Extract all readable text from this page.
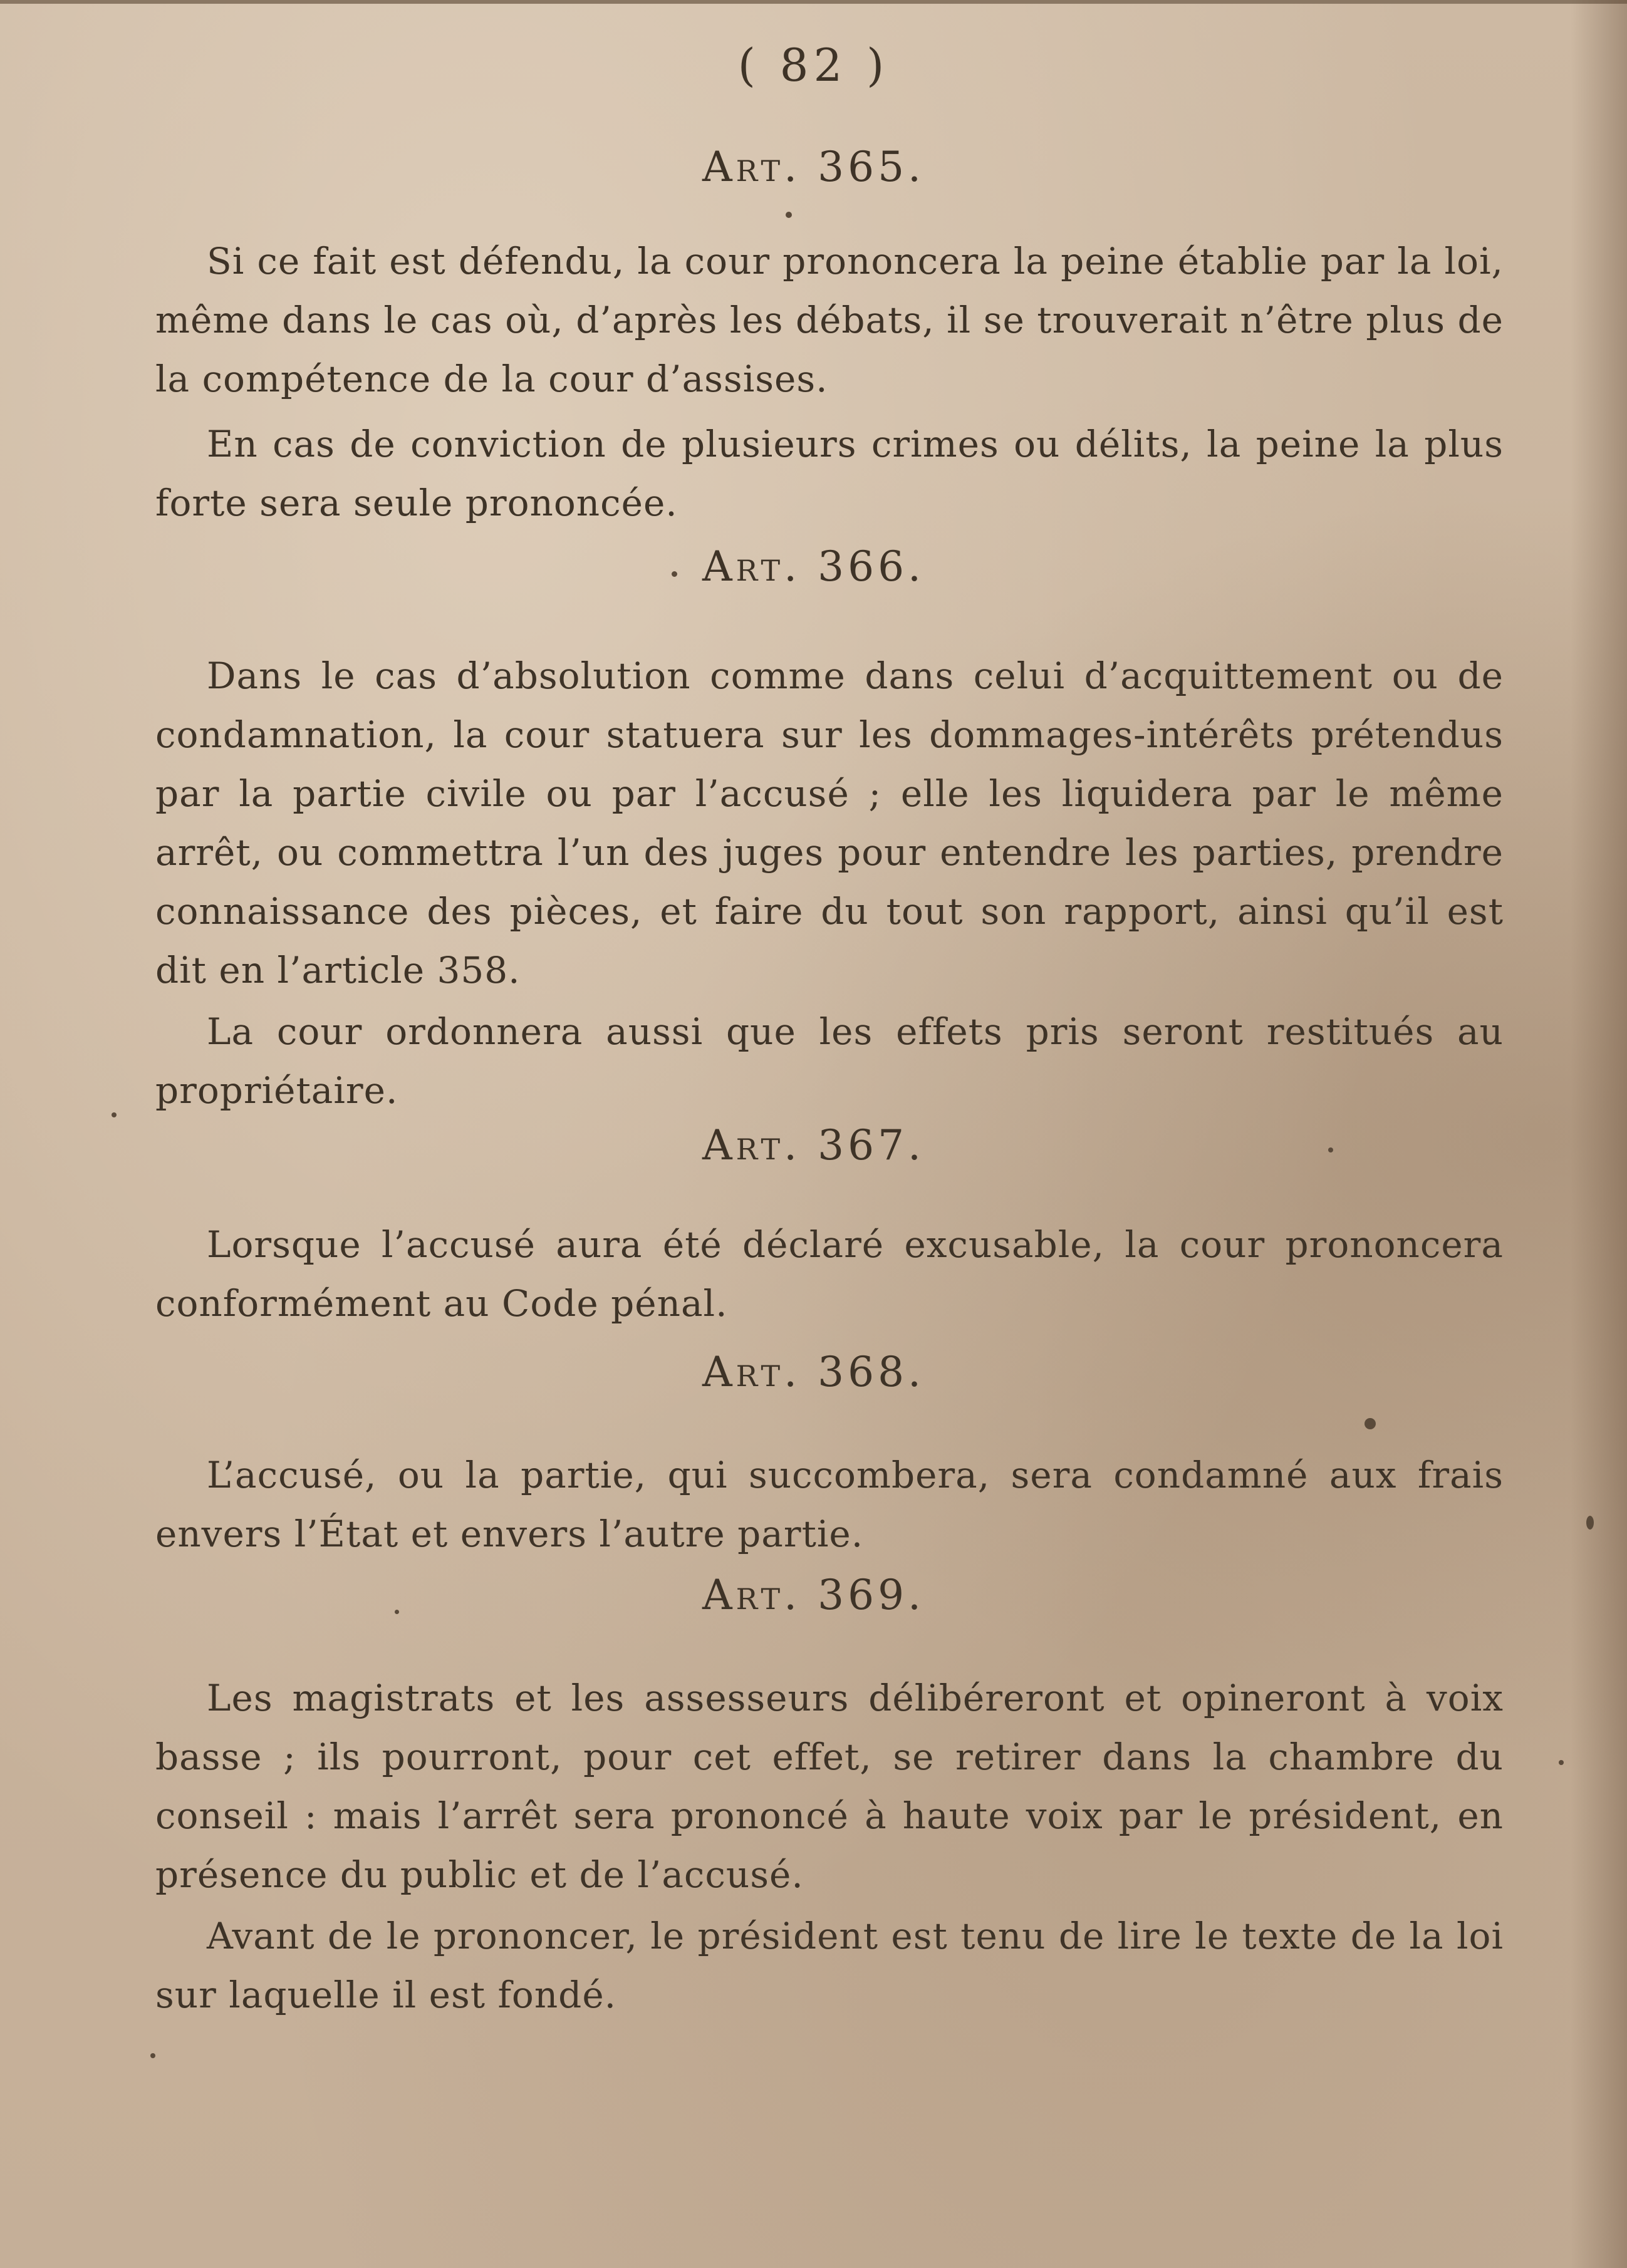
( 82 )
Art. 365.
Si ce fait est défendu, la cour prononcera la peine établie par la loi, même dans le cas où, d’après les débats, il se trouverait n’être plus de la compétence de la cour d’assises.
En cas de conviction de plusieurs crimes ou délits, la peine la plus forte sera seule prononcée.
Art. 366.
Dans le cas d’absolution comme dans celui d’acquittement ou de condamnation, la cour statuera sur les dommages-intérêts prétendus par la partie civile ou par l’accusé ; elle les liquidera par le même arrêt, ou commettra l’un des juges pour entendre les parties, prendre connaissance des pièces, et faire du tout son rapport, ainsi qu’il est dit en l’article 358.
La cour ordonnera aussi que les effets pris seront restitués au propriétaire.
Art. 367.
Lorsque l’accusé aura été déclaré excusable, la cour prononcera conformément au Code pénal.
Art. 368.
L’accusé, ou la partie, qui succombera, sera condamné aux frais envers l’État et envers l’autre partie.
Art. 369.
Les magistrats et les assesseurs délibéreront et opineront à voix basse ; ils pourront, pour cet effet, se retirer dans la chambre du conseil : mais l’arrêt sera prononcé à haute voix par le président, en présence du public et de l’accusé.
Avant de le prononcer, le président est tenu de lire le texte de la loi sur laquelle il est fondé.
